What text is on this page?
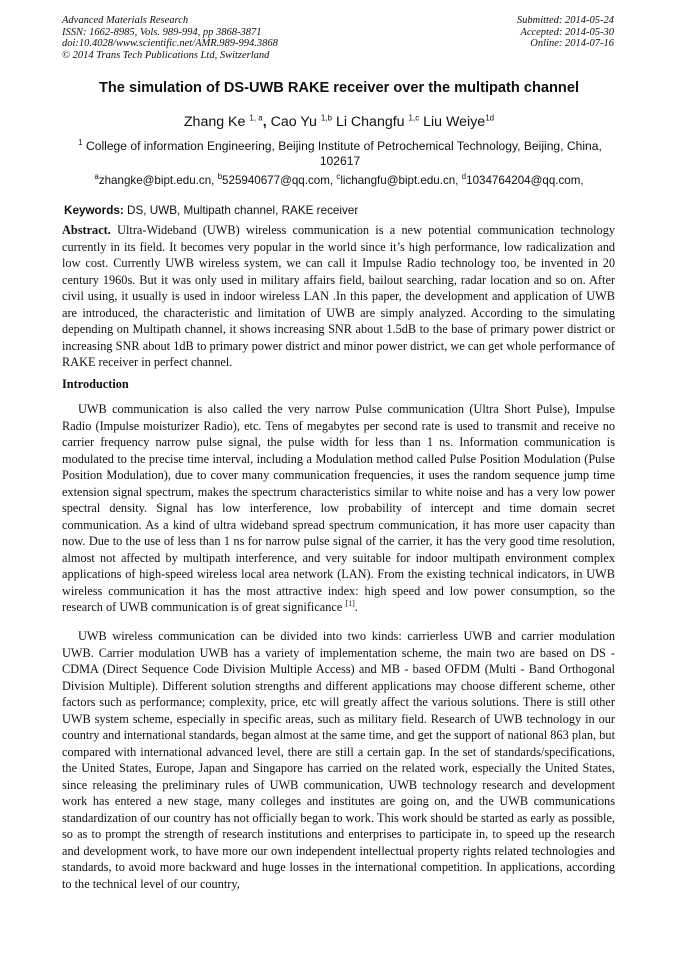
Advanced Materials Research
ISSN: 1662-8985, Vols. 989-994, pp 3868-3871
doi:10.4028/www.scientific.net/AMR.989-994.3868
© 2014 Trans Tech Publications Ltd, Switzerland
Submitted: 2014-05-24
Accepted: 2014-05-30
Online: 2014-07-16
The simulation of DS-UWB RAKE receiver over the multipath channel
Zhang Ke $^{1, a}$, Cao Yu $^{1,b}$ Li Changfu $^{1,c}$ Liu Weiye$^{1d}$
$^1$ College of information Engineering, Beijing Institute of Petrochemical Technology, Beijing, China, 102617
$^a$zhangke@bipt.edu.cn, $^b$525940677@qq.com, $^c$lichangfu@bipt.edu.cn, $^d$1034764204@qq.com,
Keywords: DS, UWB, Multipath channel, RAKE receiver

Abstract. Ultra-Wideband (UWB) wireless communication is a new potential communication technology currently in its field. It becomes very popular in the world since it’s high performance, low radicalization and low cost. Currently UWB wireless system, we can call it Impulse Radio technology too, be invented in 20 century 1960s. But it was only used in military affairs field, bailout searching, radar location and so on. After civil using, it usually is used in indoor wireless LAN .In this paper, the development and application of UWB are introduced, the characteristic and limitation of UWB are simply analyzed. According to the simulating depending on Multipath channel, it shows increasing SNR about 1.5dB to the base of primary power district or increasing SNR about 1dB to primary power district and minor power district, we can get whole performance of RAKE receiver in perfect channel.

Introduction

UWB communication is also called the very narrow Pulse communication (Ultra Short Pulse), Impulse Radio (Impulse moisturizer Radio), etc. Tens of megabytes per second rate is used to transmit and receive no carrier frequency narrow pulse signal, the pulse width for less than 1 ns. Information communication is modulated to the precise time interval, including a Modulation method called Pulse Position Modulation (Pulse Position Modulation), due to cover many communication frequencies, it uses the random sequence jump time extension signal spectrum, makes the spectrum characteristics similar to white noise and has a very low power spectral density. Signal has low interference, low probability of intercept and time domain secret communication. As a kind of ultra wideband spread spectrum communication, it has more user capacity than now. Due to the use of less than 1 ns for narrow pulse signal of the carrier, it has the very good time resolution, almost not affected by multipath interference, and very suitable for indoor multipath environment complex applications of high-speed wireless local area network (LAN). From the existing technical indicators, in UWB wireless communication it has the most attractive index: high speed and low power consumption, so the research of UWB communication is of great significance [1].

UWB wireless communication can be divided into two kinds: carrierless UWB and carrier modulation UWB. Carrier modulation UWB has a variety of implementation scheme, the main two are based on DS - CDMA (Direct Sequence Code Division Multiple Access) and MB - based OFDM (Multi - Band Orthogonal Division Multiple). Different solution strengths and different applications may choose different scheme, other factors such as performance; complexity, price, etc will greatly affect the various solutions. There is still other UWB system scheme, especially in specific areas, such as military field. Research of UWB technology in our country and international standards, began almost at the same time, and get the support of national 863 plan, but compared with international advanced level, there are still a certain gap. In the set of standards/specifications, the United States, Europe, Japan and Singapore has carried on the related work, especially the United States, since releasing the preliminary rules of UWB communication, UWB technology research and development work has entered a new stage, many colleges and institutes are going on, and the UWB communications standardization of our country has not officially began to work. This work should be started as early as possible, so as to prompt the strength of research institutions and enterprises to participate in, to speed up the research and development work, to have more our own independent intellectual property rights related technologies and standards, to avoid more backward and huge losses in the international competition. In applications, according to the technical level of our country,
